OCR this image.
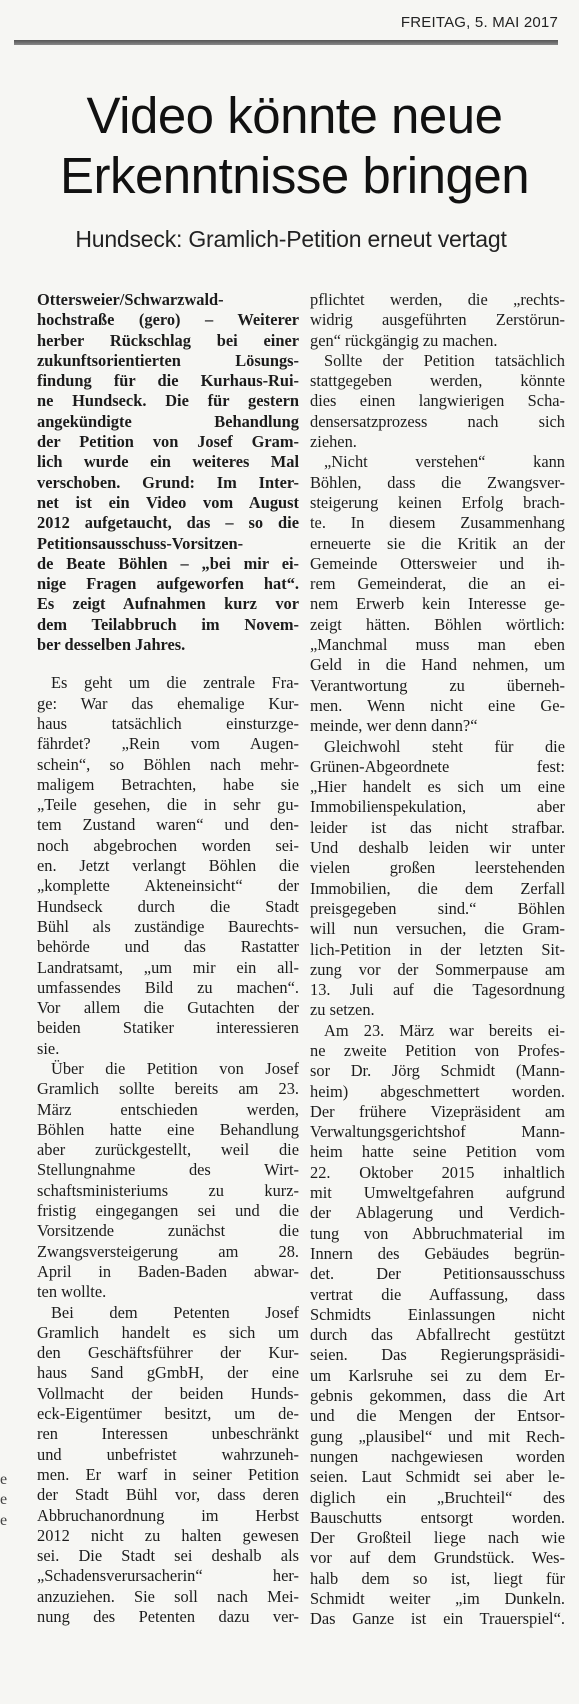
FREITAG, 5. MAI 2017
Video könnte neue
Erkenntnisse bringen
Hundseck: Gramlich-Petition erneut vertagt
Ottersweier/Schwarzwald-
hochstraße (gero) – Weiterer
herber Rückschlag bei einer
zukunftsorientierten Lösungs-
findung für die Kurhaus-Rui-
ne Hundseck. Die für gestern
angekündigte Behandlung
der Petition von Josef Gram-
lich wurde ein weiteres Mal
verschoben. Grund: Im Inter-
net ist ein Video vom August
2012 aufgetaucht, das – so die
Petitionsausschuss-Vorsitzen-
de Beate Böhlen – „bei mir ei-
nige Fragen aufgeworfen hat“.
Es zeigt Aufnahmen kurz vor
dem Teilabbruch im Novem-
ber desselben Jahres.
Es geht um die zentrale Fra-
ge: War das ehemalige Kur-
haus tatsächlich einsturzge-
fährdet? „Rein vom Augen-
schein“, so Böhlen nach mehr-
maligem Betrachten, habe sie
„Teile gesehen, die in sehr gu-
tem Zustand waren“ und den-
noch abgebrochen worden sei-
en. Jetzt verlangt Böhlen die
„komplette Akteneinsicht“ der
Hundseck durch die Stadt
Bühl als zuständige Baurechts-
behörde und das Rastatter
Landratsamt, „um mir ein all-
umfassendes Bild zu machen“.
Vor allem die Gutachten der
beiden Statiker interessieren
sie.
Über die Petition von Josef
Gramlich sollte bereits am 23.
März entschieden werden,
Böhlen hatte eine Behandlung
aber zurückgestellt, weil die
Stellungnahme des Wirt-
schaftsministeriums zu kurz-
fristig eingegangen sei und die
Vorsitzende zunächst die
Zwangsversteigerung am 28.
April in Baden-Baden abwar-
ten wollte.
Bei dem Petenten Josef
Gramlich handelt es sich um
den Geschäftsführer der Kur-
haus Sand gGmbH, der eine
Vollmacht der beiden Hunds-
eck-Eigentümer besitzt, um de-
ren Interessen unbeschränkt
und unbefristet wahrzuneh-
men. Er warf in seiner Petition
der Stadt Bühl vor, dass deren
Abbruchanordnung im Herbst
2012 nicht zu halten gewesen
sei. Die Stadt sei deshalb als
„Schadensverursacherin“ her-
anzuziehen. Sie soll nach Mei-
nung des Petenten dazu ver-
pflichtet werden, die „rechts-
widrig ausgeführten Zerstörun-
gen“ rückgängig zu machen.
Sollte der Petition tatsächlich
stattgegeben werden, könnte
dies einen langwierigen Scha-
densersatzprozess nach sich
ziehen.
„Nicht verstehen“ kann
Böhlen, dass die Zwangsver-
steigerung keinen Erfolg brach-
te. In diesem Zusammenhang
erneuerte sie die Kritik an der
Gemeinde Ottersweier und ih-
rem Gemeinderat, die an ei-
nem Erwerb kein Interesse ge-
zeigt hätten. Böhlen wörtlich:
„Manchmal muss man eben
Geld in die Hand nehmen, um
Verantwortung zu überneh-
men. Wenn nicht eine Ge-
meinde, wer denn dann?“
Gleichwohl steht für die
Grünen-Abgeordnete fest:
„Hier handelt es sich um eine
Immobilienspekulation, aber
leider ist das nicht strafbar.
Und deshalb leiden wir unter
vielen großen leerstehenden
Immobilien, die dem Zerfall
preisgegeben sind.“ Böhlen
will nun versuchen, die Gram-
lich-Petition in der letzten Sit-
zung vor der Sommerpause am
13. Juli auf die Tagesordnung
zu setzen.
Am 23. März war bereits ei-
ne zweite Petition von Profes-
sor Dr. Jörg Schmidt (Mann-
heim) abgeschmettert worden.
Der frühere Vizepräsident am
Verwaltungsgerichtshof Mann-
heim hatte seine Petition vom
22. Oktober 2015 inhaltlich
mit Umweltgefahren aufgrund
der Ablagerung und Verdich-
tung von Abbruchmaterial im
Innern des Gebäudes begrün-
det. Der Petitionsausschuss
vertrat die Auffassung, dass
Schmidts Einlassungen nicht
durch das Abfallrecht gestützt
seien. Das Regierungspräsidi-
um Karlsruhe sei zu dem Er-
gebnis gekommen, dass die Art
und die Mengen der Entsor-
gung „plausibel“ und mit Rech-
nungen nachgewiesen worden
seien. Laut Schmidt sei aber le-
diglich ein „Bruchteil“ des
Bauschutts entsorgt worden.
Der Großteil liege nach wie
vor auf dem Grundstück. Wes-
halb dem so ist, liegt für
Schmidt weiter „im Dunkeln.
Das Ganze ist ein Trauerspiel“.
e
e
e
